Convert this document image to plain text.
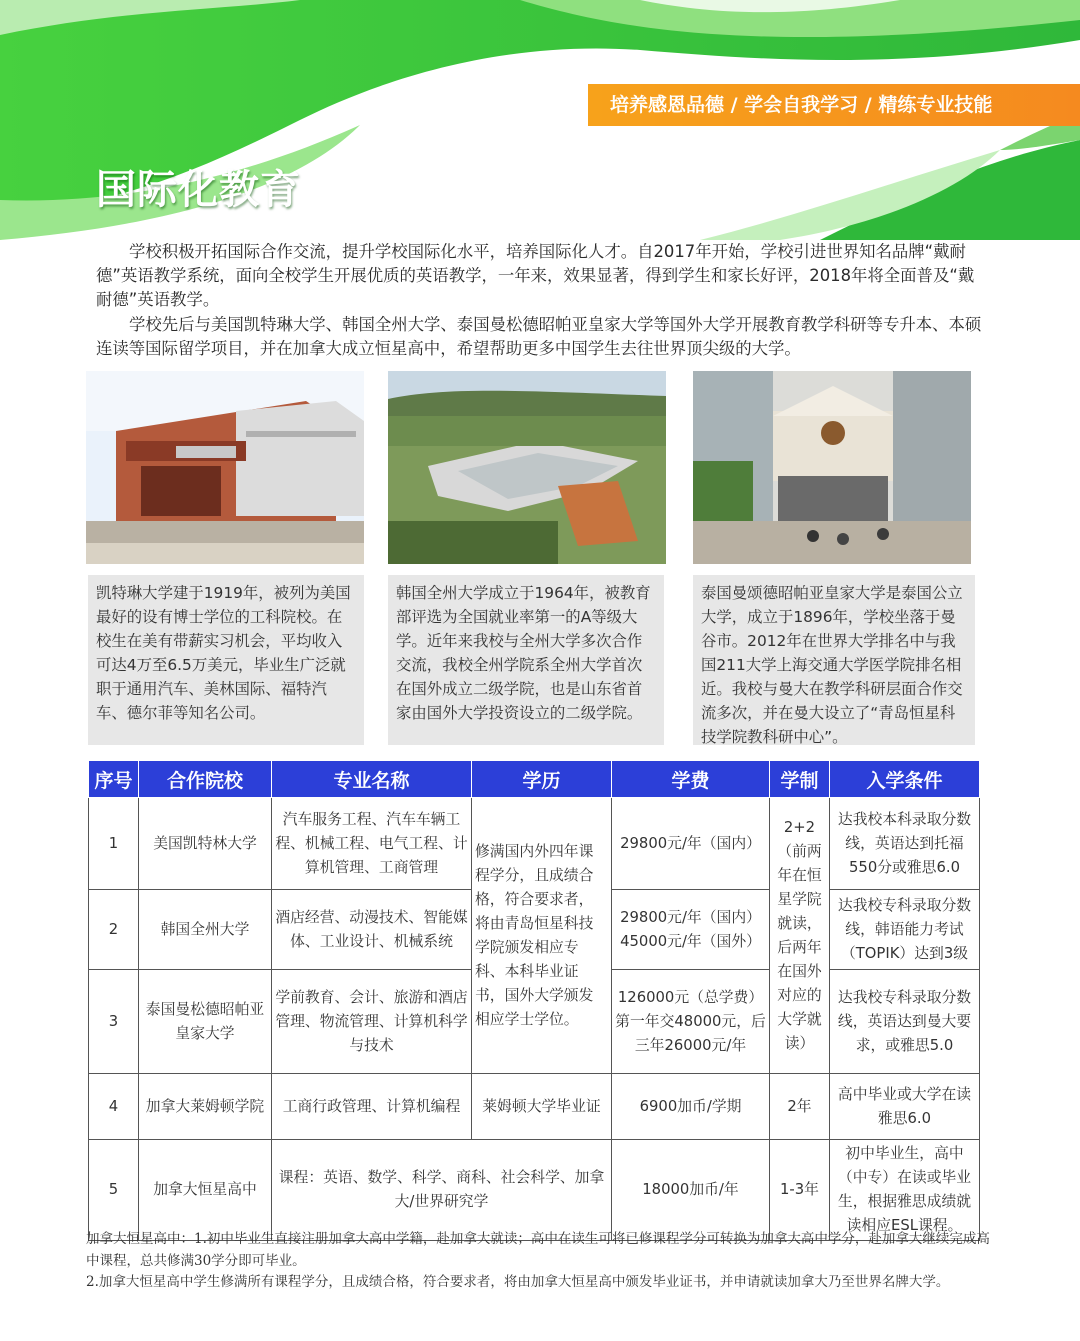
培养感恩品德 / 学会自我学习 / 精练专业技能
国际化教育

学校积极开拓国际合作交流，提升学校国际化水平，培养国际化人才。自2017年开始，学校引进世界知名品牌“戴耐德”英语教学系统，面向全校学生开展优质的英语教学，一年来，效果显著，得到学生和家长好评，2018年将全面普及“戴耐德”英语教学。

学校先后与美国凯特琳大学、韩国全州大学、泰国曼松德昭帕亚皇家大学等国外大学开展教育教学科研等专升本、本硕连读等国际留学项目，并在加拿大成立恒星高中，希望帮助更多中国学生去往世界顶尖级的大学。

凯特琳大学建于1919年，被列为美国最好的设有博士学位的工科院校。在校生在美有带薪实习机会，平均收入可达4万至6.5万美元，毕业生广泛就职于通用汽车、美林国际、福特汽车、德尔菲等知名公司。
韩国全州大学成立于1964年，被教育部评选为全国就业率第一的A等级大学。近年来我校与全州大学多次合作交流，我校全州学院系全州大学首次在国外成立二级学院，也是山东省首家由国外大学投资设立的二级学院。
泰国曼颂德昭帕亚皇家大学是泰国公立大学，成立于1896年，学校坐落于曼谷市。2012年在世界大学排名中与我国211大学上海交通大学医学院排名相近。我校与曼大在教学科研层面合作交流多次，并在曼大设立了“青岛恒星科技学院教科研中心”。
序号	合作院校	专业名称	学历	学费	学制	入学条件
1	美国凯特林大学	汽车服务工程、汽车车辆工程、机械工程、电气工程、计算机管理、工商管理	修满国内外四年课程学分，且成绩合格，符合要求者，将由青岛恒星科技学院颁发相应专科、本科毕业证书，国外大学颁发相应学士学位。	29800元/年（国内）	2+2（前两年在恒星学院就读，后两年在国外对应的大学就读）	达我校本科录取分数线，英语达到托福550分或雅思6.0
2	韩国全州大学	酒店经营、动漫技术、智能媒体、工业设计、机械系统		29800元/年（国内）45000元/年（国外）		达我校专科录取分数线，韩语能力考试（TOPIK）达到3级
3	泰国曼松德昭帕亚皇家大学	学前教育、会计、旅游和酒店管理、物流管理、计算机科学与技术		126000元（总学费）第一年交48000元，后三年26000元/年		达我校专科录取分数线，英语达到曼大要求，或雅思5.0
4	加拿大莱姆顿学院	工商行政管理、计算机编程	莱姆顿大学毕业证	6900加币/学期	2年	高中毕业或大学在读雅思6.0
5	加拿大恒星高中	课程：英语、数学、科学、商科、社会科学、加拿大/世界研究学		18000加币/年	1-3年	初中毕业生，高中（中专）在读或毕业生，根据雅思成绩就读相应ESL课程。

加拿大恒星高中：1.初中毕业生直接注册加拿大高中学籍，赴加拿大就读；高中在读生可将已修课程学分可转换为加拿大高中学分，赴加拿大继续完成高中课程，总共修满30学分即可毕业。

2.加拿大恒星高中学生修满所有课程学分，且成绩合格，符合要求者，将由加拿大恒星高中颁发毕业证书，并申请就读加拿大乃至世界名牌大学。
